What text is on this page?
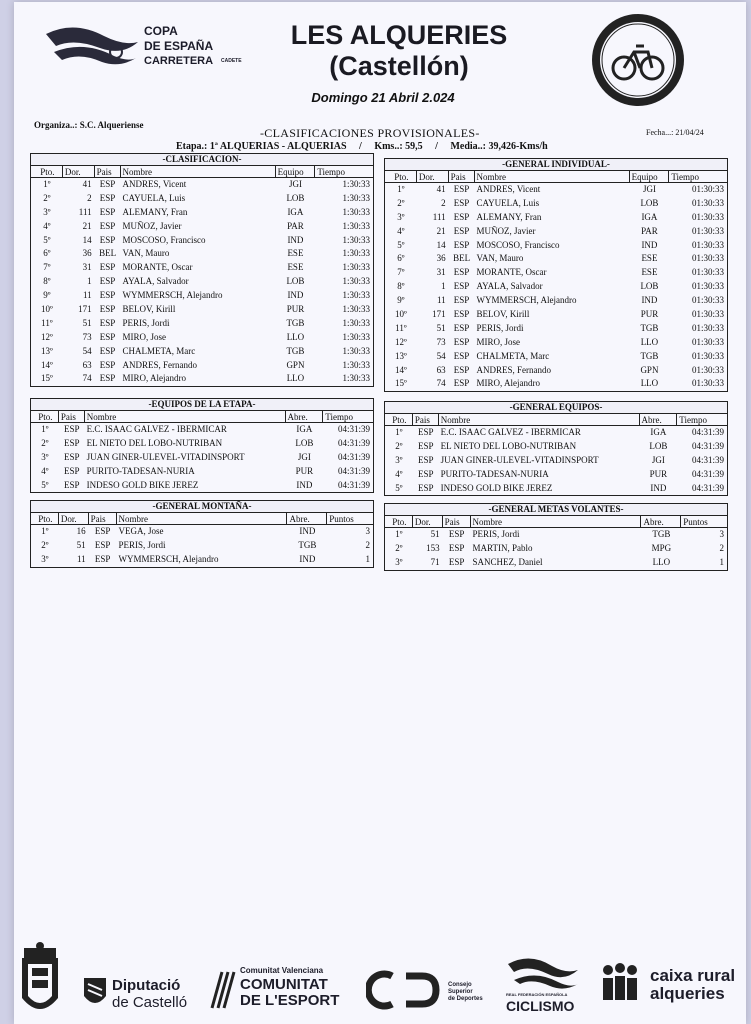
COPA
DE ESPAÑA
CARRETERA CADETE
LES ALQUERIES
(Castellón)
Domingo 21 Abril 2.024
Organiza..: S.C. Alqueriense
-CLASIFICACIONES PROVISIONALES-	Fecha...: 21/04/24
Etapa.: 1ª ALQUERIAS - ALQUERIAS / Kms..: 59,5 / Media..: 39,426-Kms/h
-CLASIFICACION-
Pto.	Dor.	Pais	Nombre	Equipo	Tiempo
1º	41 ESP ANDRES, Vicent	JGI	1:30:33
2º	2 ESP CAYUELA, Luis	LOB	1:30:33
3º	111 ESP ALEMANY, Fran	IGA	1:30:33
4º	21 ESP MUÑOZ, Javier	PAR	1:30:33
5º	14 ESP MOSCOSO, Francisco	IND	1:30:33
6º	36 BEL VAN, Mauro	ESE	1:30:33
7º	31 ESP MORANTE, Oscar	ESE	1:30:33
8º	1 ESP AYALA, Salvador	LOB	1:30:33
9º	11 ESP WYMMERSCH, Alejandro	IND	1:30:33
10º	171 ESP BELOV, Kirill	PUR	1:30:33
11º	51 ESP PERIS, Jordi	TGB	1:30:33
12º	73 ESP MIRO, Jose	LLO	1:30:33
13º	54 ESP CHALMETA, Marc	TGB	1:30:33
14º	63 ESP ANDRES, Fernando	GPN	1:30:33
15º	74 ESP MIRO, Alejandro	LLO	1:30:33
-GENERAL INDIVIDUAL-
Pto.	Dor.	Pais	Nombre	Equipo	Tiempo
1º	41 ESP ANDRES, Vicent	JGI	01:30:33
2º	2 ESP CAYUELA, Luis	LOB	01:30:33
3º	111 ESP ALEMANY, Fran	IGA	01:30:33
4º	21 ESP MUÑOZ, Javier	PAR	01:30:33
5º	14 ESP MOSCOSO, Francisco	IND	01:30:33
6º	36 BEL VAN, Mauro	ESE	01:30:33
7º	31 ESP MORANTE, Oscar	ESE	01:30:33
8º	1 ESP AYALA, Salvador	LOB	01:30:33
9º	11 ESP WYMMERSCH, Alejandro	IND	01:30:33
10º	171 ESP BELOV, Kirill	PUR	01:30:33
11º	51 ESP PERIS, Jordi	TGB	01:30:33
12º	73 ESP MIRO, Jose	LLO	01:30:33
13º	54 ESP CHALMETA, Marc	TGB	01:30:33
14º	63 ESP ANDRES, Fernando	GPN	01:30:33
15º	74 ESP MIRO, Alejandro	LLO	01:30:33
-EQUIPOS DE LA ETAPA-
Pto. Pais	Nombre	Abre.	Tiempo
1º	ESP E.C. ISAAC GALVEZ - IBERMICAR	IGA	04:31:39
2º	ESP EL NIETO DEL LOBO-NUTRIBAN	LOB	04:31:39
3º	ESP JUAN GINER-ULEVEL-VITADINSPORT	JGI	04:31:39
4º	ESP PURITO-TADESAN-NURIA	PUR	04:31:39
5º	ESP INDESO GOLD BIKE JEREZ	IND	04:31:39
-GENERAL EQUIPOS-
Pto. Pais	Nombre	Abre.	Tiempo
1º	ESP E.C. ISAAC GALVEZ - IBERMICAR	IGA	04:31:39
2º	ESP EL NIETO DEL LOBO-NUTRIBAN	LOB	04:31:39
3º	ESP JUAN GINER-ULEVEL-VITADINSPORT	JGI	04:31:39
4º	ESP PURITO-TADESAN-NURIA	PUR	04:31:39
5º	ESP INDESO GOLD BIKE JEREZ	IND	04:31:39
-GENERAL MONTAÑA-
Pto. Dor.	Pais	Nombre	Abre.	Puntos
1º	16	ESP VEGA, Jose	IND	3
2º	51	ESP PERIS, Jordi	TGB	2
3º	11	ESP WYMMERSCH, Alejandro	IND	1
-GENERAL METAS VOLANTES-
Pto. Dor.	Pais	Nombre	Abre.	Puntos
1º	51	ESP PERIS, Jordi	TGB	3
2º	153	ESP MARTIN, Pablo	MPG	2
3º	71	ESP SANCHEZ, Daniel	LLO	1
Diputació
de Castelló
Comunitat Valenciana
COMUNITAT
DE L'ESPORT
Consejo
Superior
de Deportes
REAL FEDERACIÓN ESPAÑOLA
CICLISMO
caixa rural
alqueries
